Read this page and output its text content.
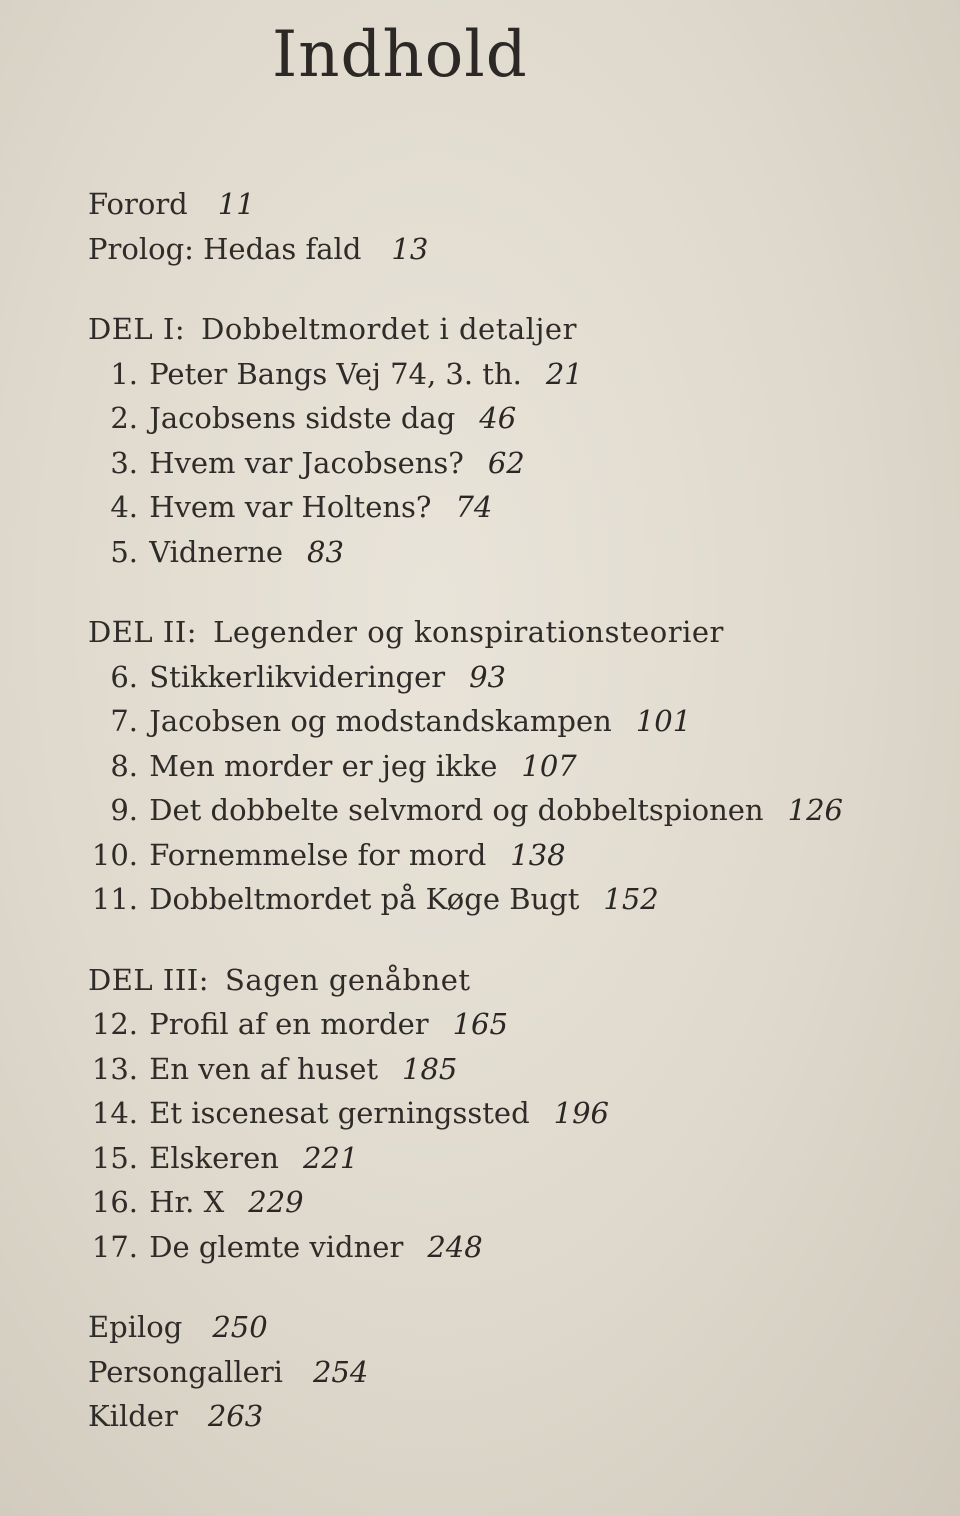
Indhold
Forord 11
Prolog: Hedas fald 13
DEL I: Dobbeltmordet i detaljer
1. Peter Bangs Vej 74, 3. th. 21
2. Jacobsens sidste dag 46
3. Hvem var Jacobsens? 62
4. Hvem var Holtens? 74
5. Vidnerne 83
DEL II: Legender og konspirationsteorier
6. Stikkerlikvideringer 93
7. Jacobsen og modstandskampen 101
8. Men morder er jeg ikke 107
9. Det dobbelte selvmord og dobbeltspionen 126
10. Fornemmelse for mord 138
11. Dobbeltmordet på Køge Bugt 152
DEL III: Sagen genåbnet
12. Profil af en morder 165
13. En ven af huset 185
14. Et iscenesat gerningssted 196
15. Elskeren 221
16. Hr. X 229
17. De glemte vidner 248
Epilog 250
Persongalleri 254
Kilder 263
